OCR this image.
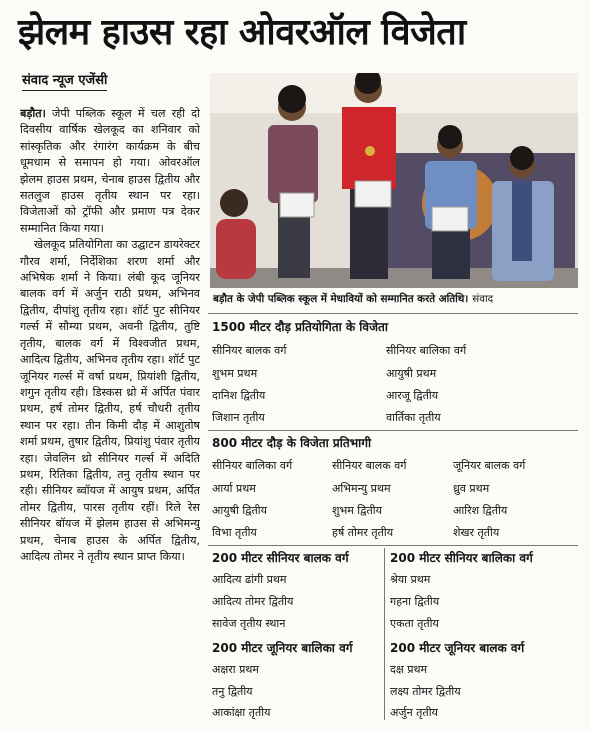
झेलम हाउस रहा ओवरऑल विजेता
संवाद न्यूज एजेंसी

बड़ौत। जेपी पब्लिक स्कूल में चल रही दो दिवसीय वार्षिक खेलकूद का शनिवार को सांस्कृतिक और रंगारंग कार्यक्रम के बीच धूमधाम से समापन हो गया। ओवरऑल झेलम हाउस प्रथम, चेनाब हाउस द्वितीय और सतलुज हाउस तृतीय स्थान पर रहा। विजेताओं को ट्रॉफी और प्रमाण पत्र देकर सम्मानित किया गया।

खेलकूद प्रतियोगिता का उद्घाटन डायरेक्टर गौरव शर्मा, निर्देशिका शरण शर्मा और अभिषेक शर्मा ने किया। लंबी कूद जूनियर बालक वर्ग में अर्जुन राठी प्रथम, अभिनव द्वितीय, दीपांशु तृतीय रहा। शॉर्ट पुट सीनियर गर्ल्स में सौम्या प्रथम, अवनी द्वितीय, तुष्टि तृतीय, बालक वर्ग में विश्वजीत प्रथम, आदित्य द्वितीय, अभिनव तृतीय रहा। शॉर्ट पुट जूनियर गर्ल्स में वर्षा प्रथम, प्रियांशी द्वितीय, शगुन तृतीय रही। डिस्कस थ्रो में अर्पित पंवार प्रथम, हर्ष तोमर द्वितीय, हर्ष चौधरी तृतीय स्थान पर रहा। तीन किमी दौड़ में आशुतोष शर्मा प्रथम, तुषार द्वितीय, प्रियांशु पंवार तृतीय रहा। जेवलिन थ्रो सीनियर गर्ल्स में अदिति प्रथम, रितिका द्वितीय, तनु तृतीय स्थान पर रही। सीनियर ब्वॉयज में आयुष प्रथम, अर्पित तोमर द्वितीय, पारस तृतीय रहीं। रिले रेस सीनियर बॉयज में झेलम हाउस से अभिमन्यु प्रथम, चेनाब हाउस के अर्पित द्वितीय, आदित्य तोमर ने तृतीय स्थान प्राप्त किया।

बड़ौत के जेपी पब्लिक स्कूल में मेधावियों को सम्मानित करते अतिथि। संवाद
1500 मीटर दौड़ प्रतियोगिता के विजेता
सीनियर बालक वर्ग
शुभम प्रथम
दानिश द्वितीय
जिशान तृतीय
सीनियर बालिका वर्ग
आयुषी प्रथम
आरजू द्वितीय
वार्तिका तृतीय
800 मीटर दौड़ के विजेता प्रतिभागी
सीनियर बालिका वर्ग
आर्या प्रथम
आयुषी द्वितीय
विभा तृतीय
सीनियर बालक वर्ग
अभिमन्यु प्रथम
शुभम द्वितीय
हर्ष तोमर तृतीय
जूनियर बालक वर्ग
ध्रुव प्रथम
आरिश द्वितीय
शेखर तृतीय
200 मीटर सीनियर बालक वर्ग
आदित्य ढांगी प्रथम
आदित्य तोमर द्वितीय
सावेज तृतीय स्थान
200 मीटर सीनियर बालिका वर्ग
श्रेया प्रथम
गहना द्वितीय
एकता तृतीय
200 मीटर जूनियर बालिका वर्ग
अक्षरा प्रथम
तनु द्वितीय
आकांक्षा तृतीय
200 मीटर जूनियर बालक वर्ग
दक्ष प्रथम
लक्ष्य तोमर द्वितीय
अर्जुन तृतीय
